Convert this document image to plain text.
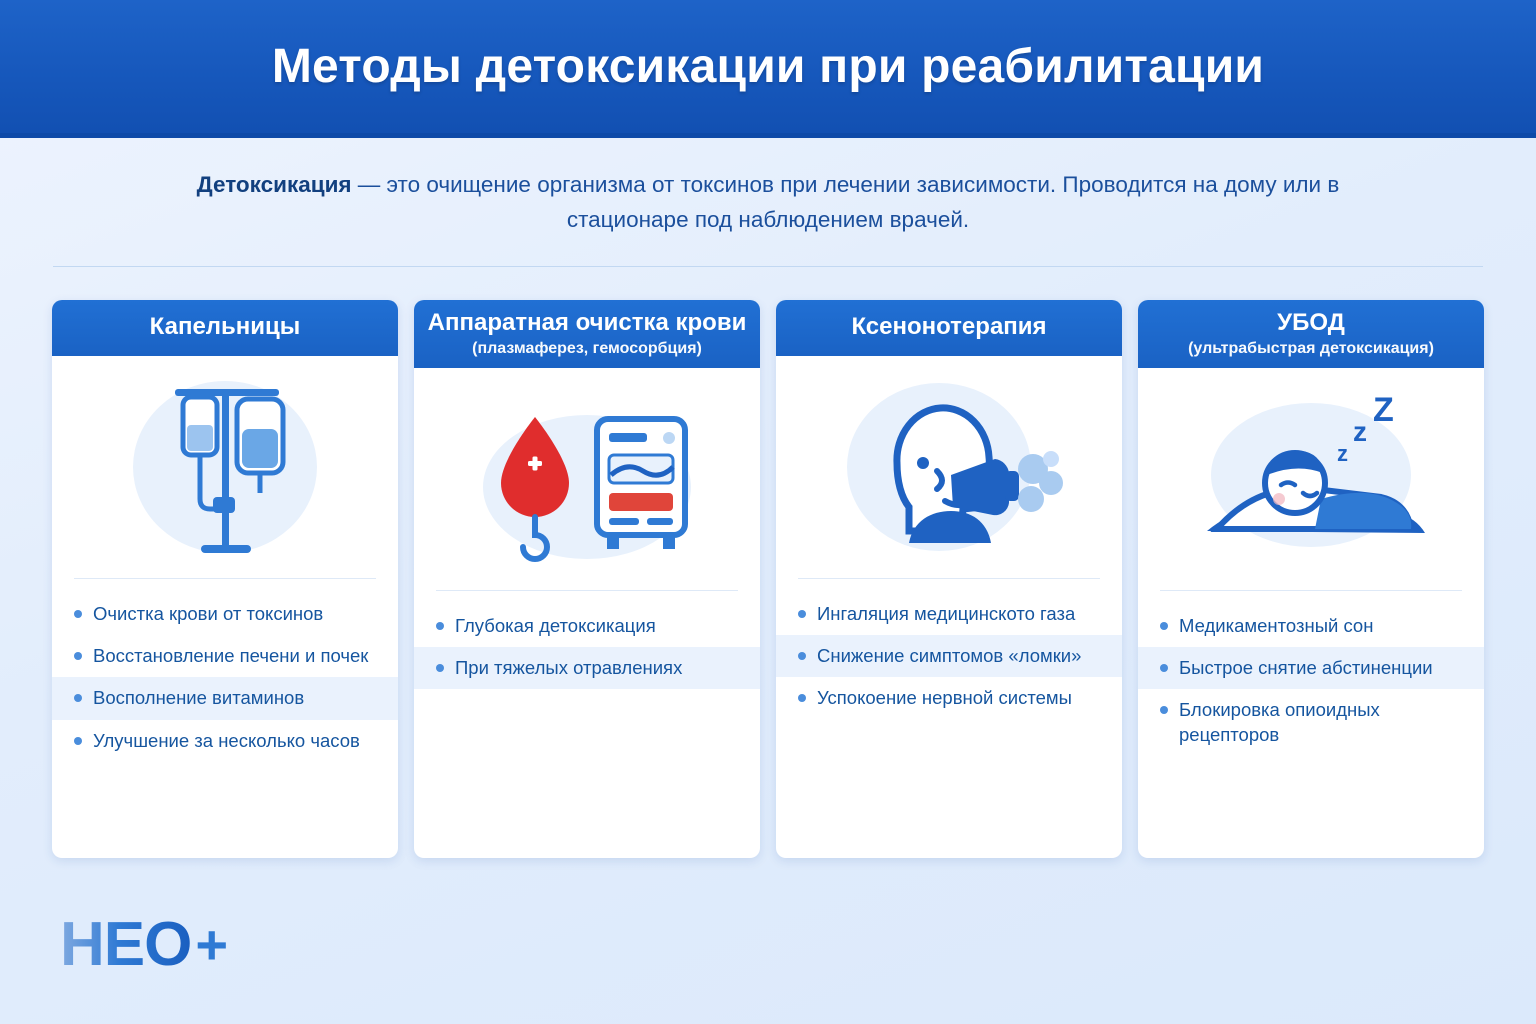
Методы детоксикации при реабилитации
Детоксикация — это очищение организма от токсинов при лечении зависимости. Проводится на дому или в стационаре под наблюдением врачей.
Капельницы
Очистка крови от токсинов
Восстановление печени и почек
Восполнение витаминов
Улучшение за несколько часов
Аппаратная очистка крови
(плазмаферез, гемосорбция)
Глубокая детоксикация
При тяжелых отравлениях
Ксенонотерапия
Ингаляция медицинското газа
Снижение симптомов «ломки»
Успокоение нервной системы
УБОД
(ультрабыстрая детоксикация)
z
z
Z
Медикаментозный сон
Быстрое снятие абстиненции
Блокировка опиоидных рецепторов
HEO +
